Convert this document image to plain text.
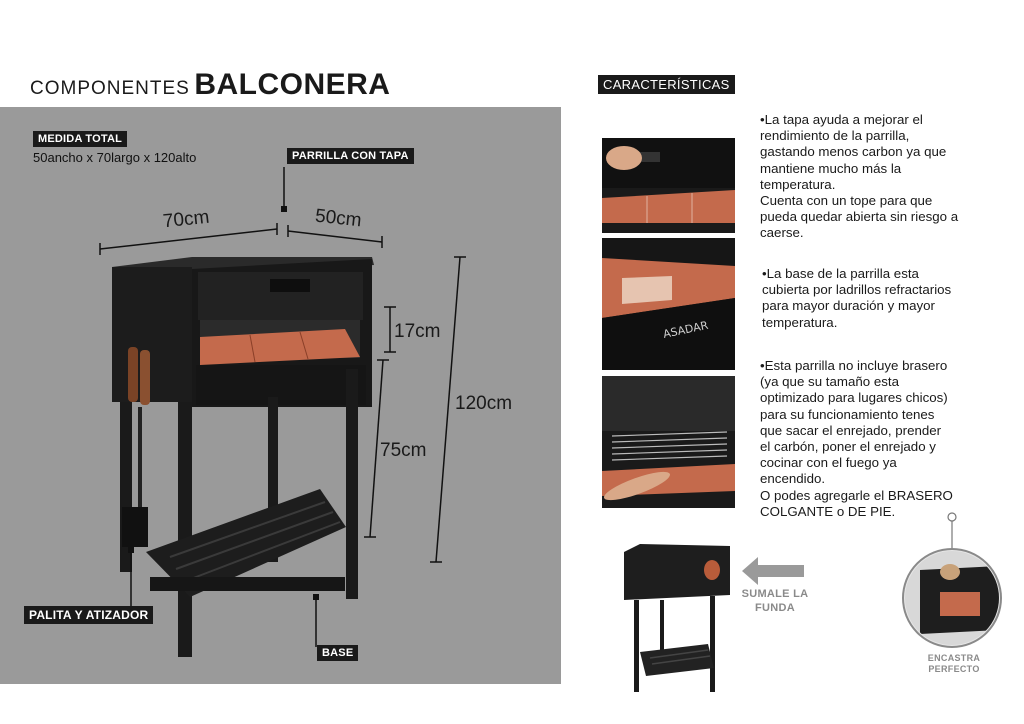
COMPONENTES BALCONERA
MEDIDA TOTAL
50ancho x 70largo x 120alto	PARRILLA CON TAPA
70cm	50cm
17cm
75cm
120cm
PALITA Y ATIZADOR
BASE
CARACTERÍSTICAS
•La tapa ayuda a mejorar el
rendimiento de la parrilla,
gastando menos carbon ya que
mantiene mucho más la
temperatura.
Cuenta con un tope para que
pueda quedar abierta sin riesgo a
caerse.
ASADAR
•La base de la parrilla esta
cubierta por ladrillos refractarios
para mayor duración y mayor
temperatura.
•Esta parrilla no incluye brasero
(ya que su tamaño esta
optimizado para lugares chicos)
para su funcionamiento tenes
que sacar el enrejado, prender
el carbón, poner el enrejado y
cocinar con el fuego ya
encendido.
O podes agregarle el BRASERO
COLGANTE o DE PIE.
SUMALE LA
FUNDA
ENCASTRA
PERFECTO
